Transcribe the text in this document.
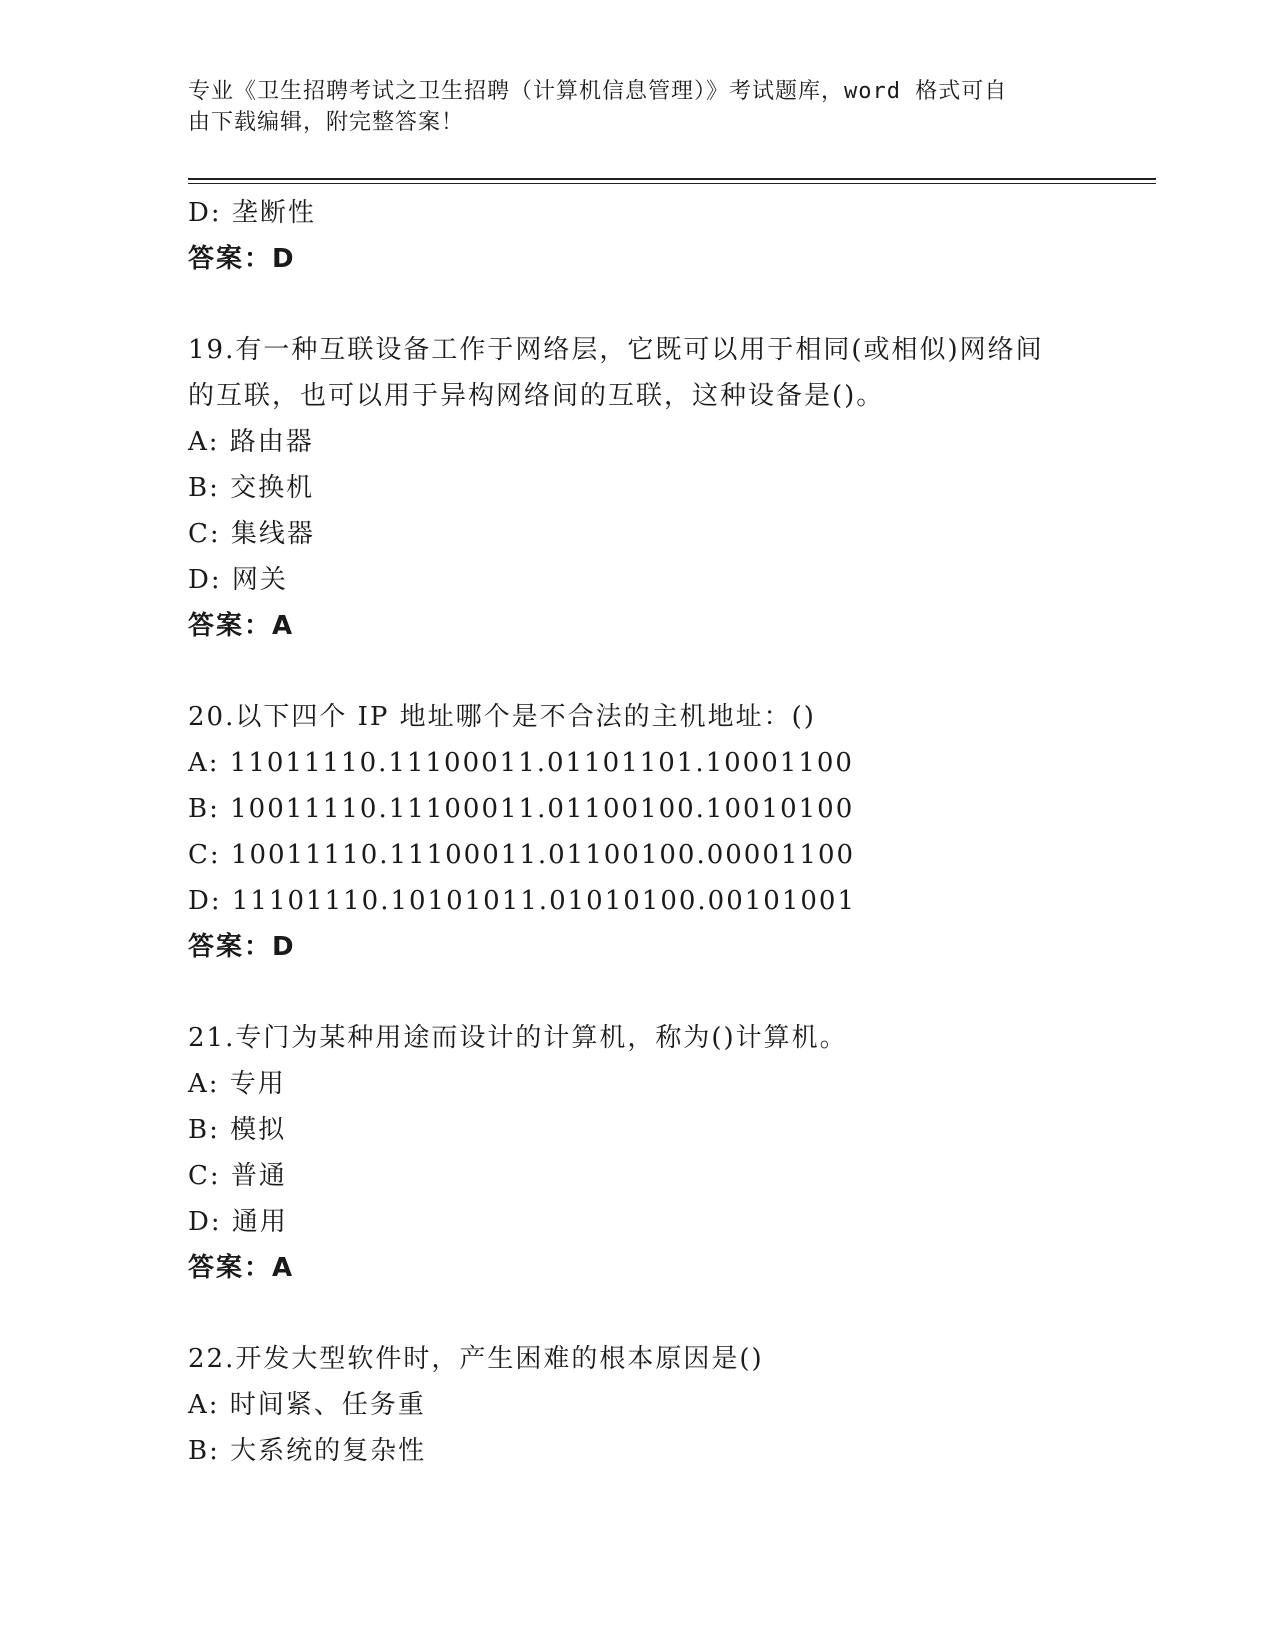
专业《卫生招聘考试之卫生招聘（计算机信息管理）》考试题库，word 格式可自
由下载编辑，附完整答案！
D: 垄断性
答案：D
19.有一种互联设备工作于网络层，它既可以用于相同(或相似)网络间
的互联，也可以用于异构网络间的互联，这种设备是()。
A: 路由器
B: 交换机
C: 集线器
D: 网关
答案：A
20.以下四个 IP 地址哪个是不合法的主机地址：()
A: 11011110.11100011.01101101.10001100
B: 10011110.11100011.01100100.10010100
C: 10011110.11100011.01100100.00001100
D: 11101110.10101011.01010100.00101001
答案：D
21.专门为某种用途而设计的计算机，称为()计算机。
A: 专用
B: 模拟
C: 普通
D: 通用
答案：A
22.开发大型软件时，产生困难的根本原因是()
A: 时间紧、任务重
B: 大系统的复杂性
